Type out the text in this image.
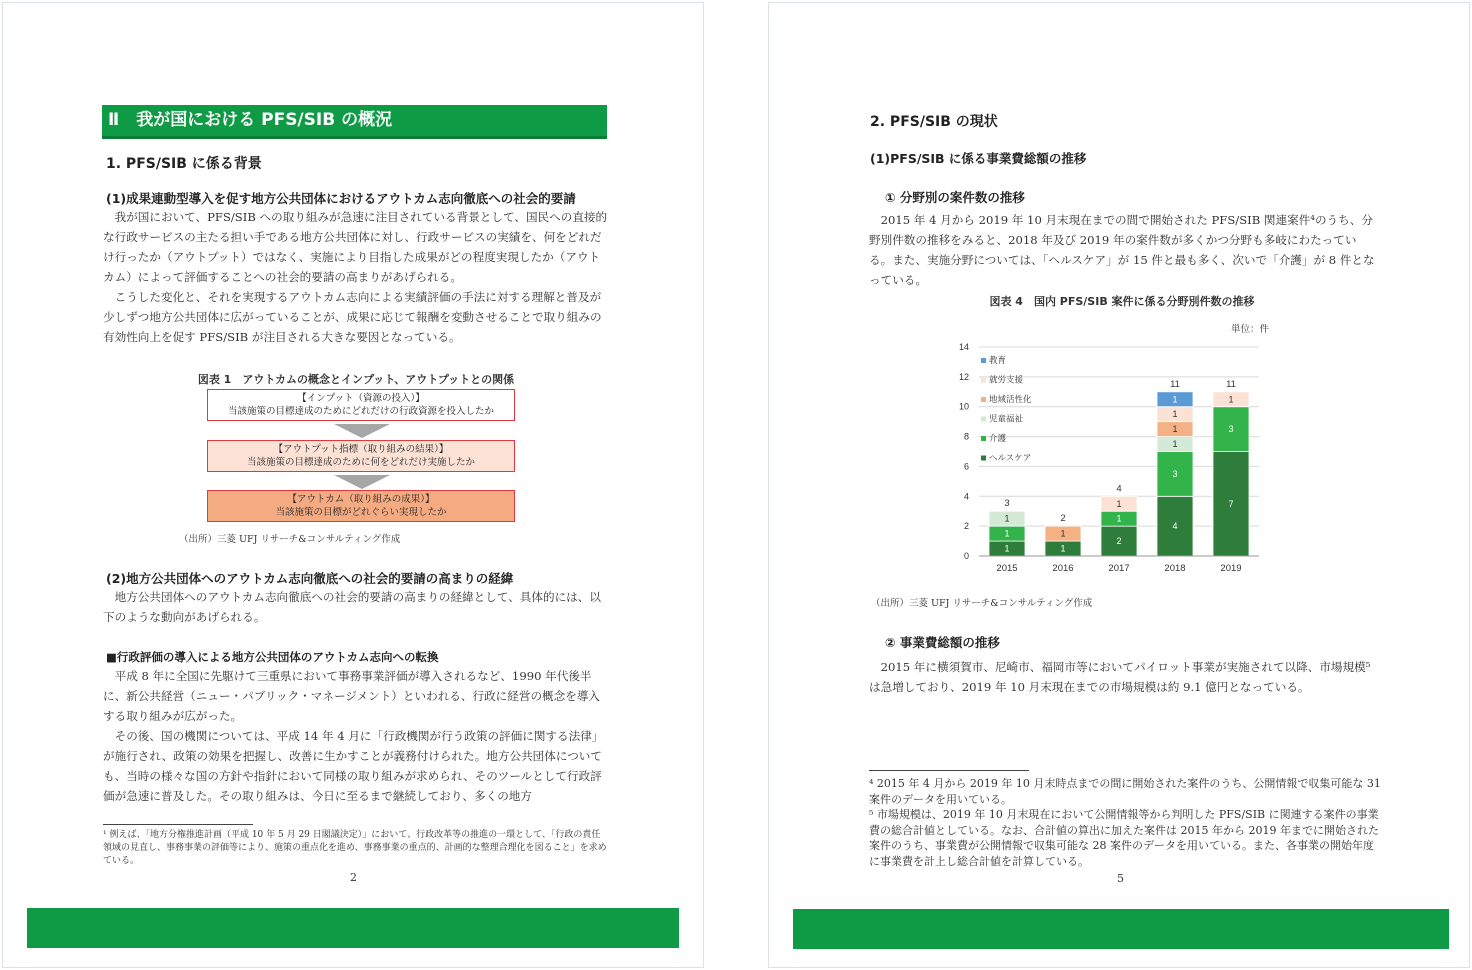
Ⅱ　我が国における PFS/SIB の概況
1. PFS/SIB に係る背景
(1)成果連動型導入を促す地方公共団体におけるアウトカム志向徹底への社会的要請

我が国において、PFS/SIB への取り組みが急速に注目されている背景として、国民への直接的な行政サービスの主たる担い手である地方公共団体に対し、行政サービスの実績を、何をどれだけ行ったか（アウトプット）ではなく、実施により目指した成果がどの程度実現したか（アウトカム）によって評価することへの社会的要請の高まりがあげられる。

こうした変化と、それを実現するアウトカム志向による実績評価の手法に対する理解と普及が少しずつ地方公共団体に広がっていることが、成果に応じて報酬を変動させることで取り組みの有効性向上を促す PFS/SIB が注目される大きな要因となっている。

図表 1　アウトカムの概念とインプット、アウトプットとの関係
【インプット（資源の投入）】
当該施策の目標達成のためにどれだけの行政資源を投入したか
【アウトプット指標（取り組みの結果）】
当該施策の目標達成のために何をどれだけ実施したか
【アウトカム（取り組みの成果）】
当該施策の目標がどれぐらい実現したか
（出所）三菱 UFJ リサーチ&コンサルティング作成
(2)地方公共団体へのアウトカム志向徹底への社会的要請の高まりの経緯

地方公共団体へのアウトカム志向徹底への社会的要請の高まりの経緯として、具体的には、以下のような動向があげられる。

■行政評価の導入による地方公共団体のアウトカム志向への転換

平成 8 年に全国に先駆けて三重県において事務事業評価が導入されるなど、1990 年代後半に、新公共経営（ニュー・パブリック・マネージメント）といわれる、行政に経営の概念を導入する取り組みが広がった。

その後、国の機関については、平成 14 年 4 月に「行政機関が行う政策の評価に関する法律」が施行され、政策の効果を把握し、改善に生かすことが義務付けられた。地方公共団体についても、当時の様々な国の方針や指針において同様の取り組みが求められ、そのツールとして行政評価が急速に普及した。その取り組みは、今日に至るまで継続しており、多くの地方

¹ 例えば、「地方分権推進計画（平成 10 年 5 月 29 日閣議決定）」において、行政改革等の推進の一環として、「行政の責任領域の見直し、事務事業の評価等により、施策の重点化を進め、事務事業の重点的、計画的な整理合理化を図ること」を求めている。
2
2. PFS/SIB の現状
(1)PFS/SIB に係る事業費総額の推移
① 分野別の案件数の推移

2015 年 4 月から 2019 年 10 月末現在までの間で開始された PFS/SIB 関連案件⁴のうち、分野別件数の推移をみると、2018 年及び 2019 年の案件数が多くかつ分野も多岐にわたっている。また、実施分野については、「ヘルスケア」が 15 件と最も多く、次いで「介護」が 8 件となっている。

図表 4　国内 PFS/SIB 案件に係る分野別件数の推移
単位：件
0
2
4
6
8
10
12
14
1
1
1
3
2015
1
1
2
2016
2
1
1
4
2017
4
3
1
1
1
1
11
2018
7
3
1
11
2019
教育
就労支援
地域活性化
児童福祉
介護
ヘルスケア
（出所）三菱 UFJ リサーチ&コンサルティング作成
② 事業費総額の推移

2015 年に横須賀市、尼崎市、福岡市等においてパイロット事業が実施されて以降、市場規模⁵は急増しており、2019 年 10 月末現在までの市場規模は約 9.1 億円となっている。

⁴ 2015 年 4 月から 2019 年 10 月末時点までの間に開始された案件のうち、公開情報で収集可能な 31 案件のデータを用いている。
⁵ 市場規模は、2019 年 10 月末現在において公開情報等から判明した PFS/SIB に関連する案件の事業費の総合計値としている。なお、合計値の算出に加えた案件は 2015 年から 2019 年までに開始された案件のうち、事業費が公開情報で収集可能な 28 案件のデータを用いている。また、各事業の開始年度に事業費を計上し総合計値を計算している。
5
